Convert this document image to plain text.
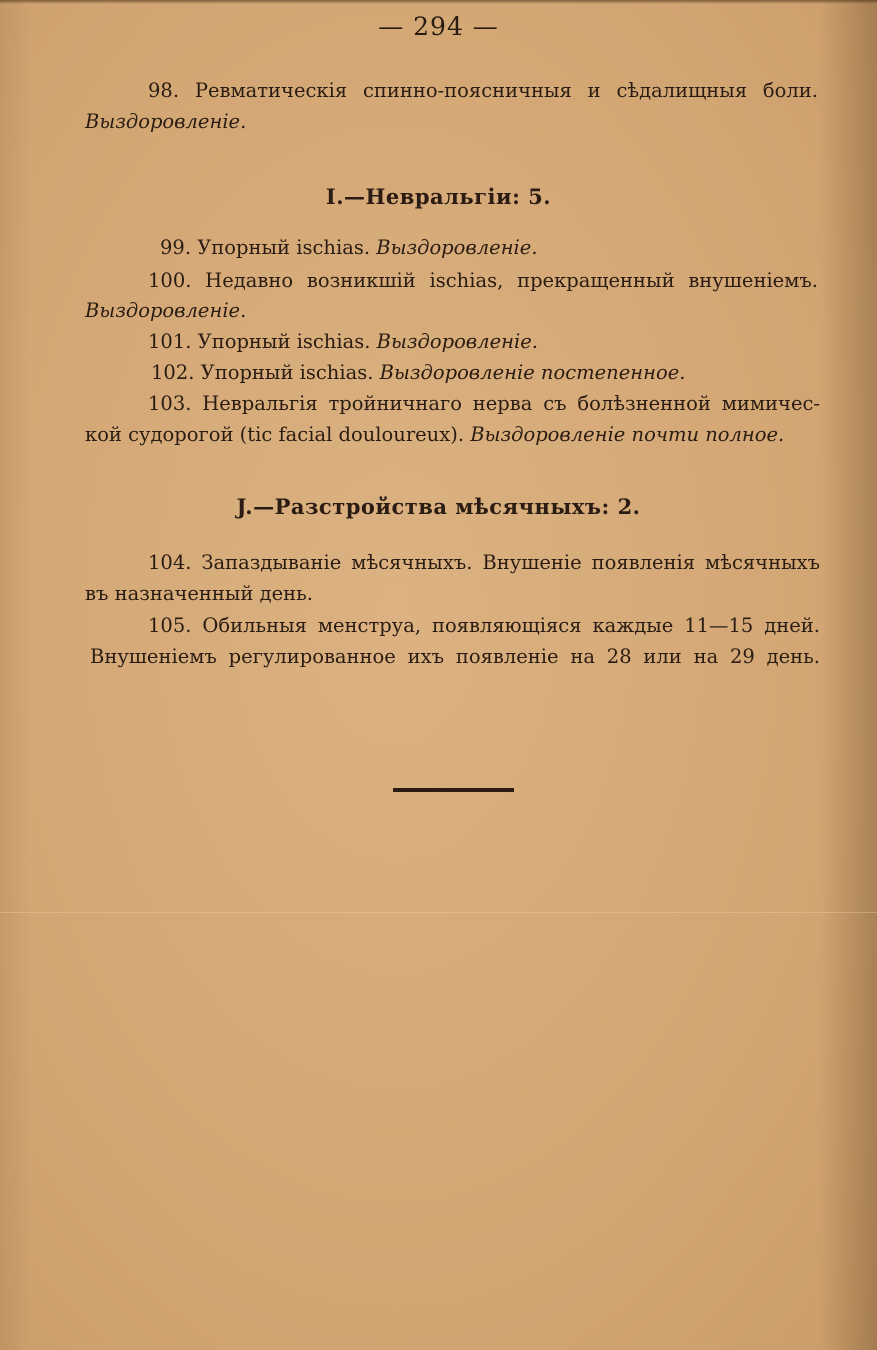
— 294 —
98. Ревматическія спинно-поясничныя и сѣдалищныя боли.
Выздоровленіе.
I.—Невральгіи: 5.
99. Упорный ischias. Выздоровленіе.
100. Недавно возникшій ischias, прекращенный внушеніемъ.
Выздоровленіе.
101. Упорный ischias. Выздоровленіе.
102. Упорный ischias. Выздоровленіе постепенное.
103. Невральгія тройничнаго нерва съ болѣзненной мимичес-
кой судорогой (tic facial douloureux). Выздоровленіе почти полное.
J.—Разстройства мѣсячныхъ: 2.
104. Запаздываніе мѣсячныхъ. Внушеніе появленія мѣсячныхъ
въ назначенный день.
105. Обильныя менструа, появляющіяся каждые 11—15 дней.
Внушеніемъ регулированное ихъ появленіе на 28 или на 29 день.
